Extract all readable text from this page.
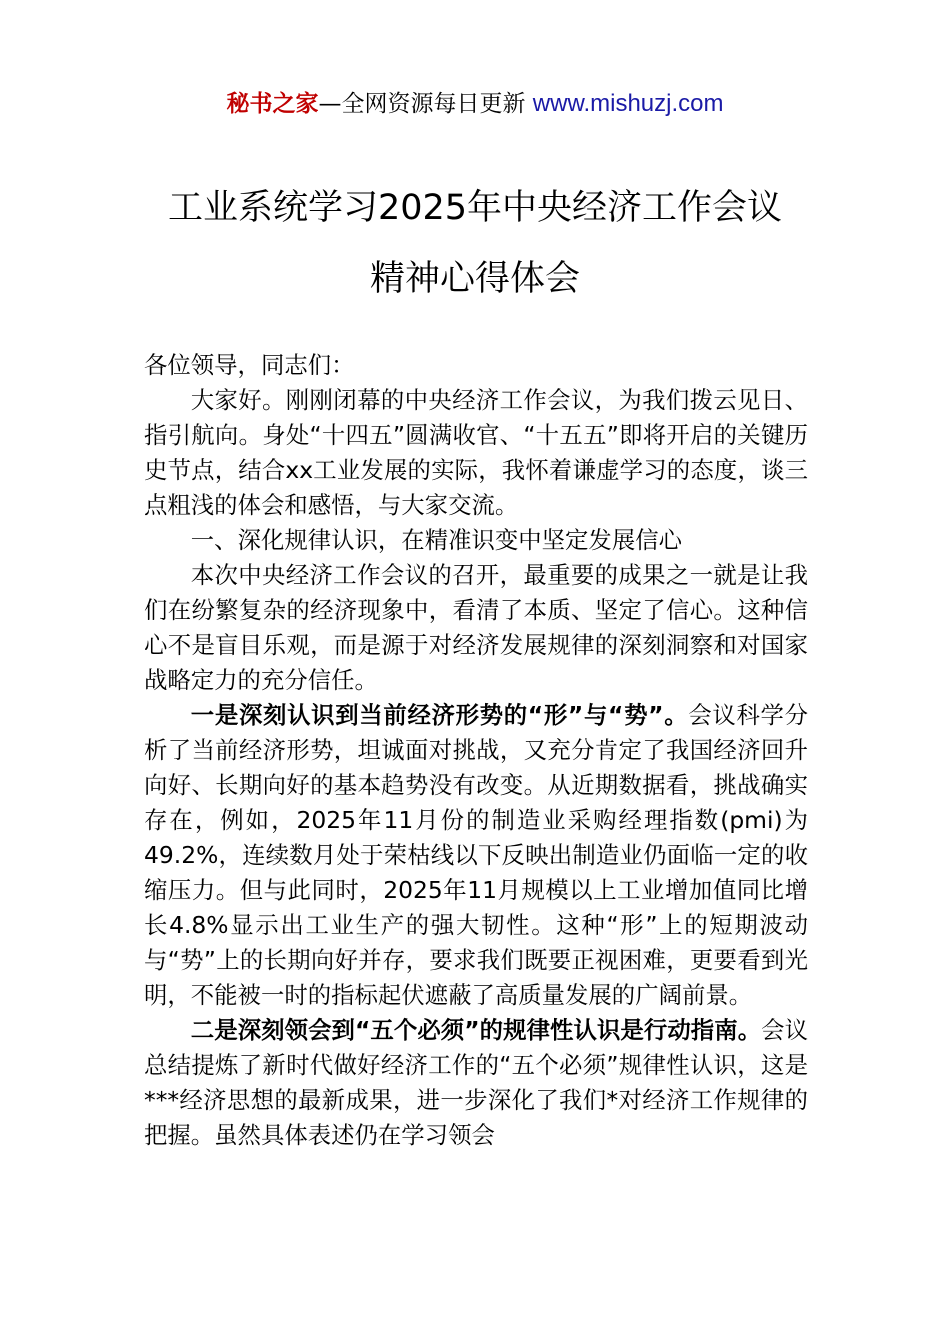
秘书之家—全网资源每日更新 www.mishuzj.com
工业系统学习2025年中央经济工作会议
精神心得体会

各位领导，同志们：

大家好。刚刚闭幕的中央经济工作会议，为我们拨云见日、指引航向。身处“十四五”圆满收官、“十五五”即将开启的关键历史节点，结合xx工业发展的实际，我怀着谦虚学习的态度，谈三点粗浅的体会和感悟，与大家交流。

一、深化规律认识，在精准识变中坚定发展信心

本次中央经济工作会议的召开，最重要的成果之一就是让我们在纷繁复杂的经济现象中，看清了本质、坚定了信心。这种信心不是盲目乐观，而是源于对经济发展规律的深刻洞察和对国家战略定力的充分信任。

一是深刻认识到当前经济形势的“形”与“势”。会议科学分析了当前经济形势，坦诚面对挑战，又充分肯定了我国经济回升向好、长期向好的基本趋势没有改变。从近期数据看，挑战确实存在，例如，2025年11月份的制造业采购经理指数(pmi)为49.2%，连续数月处于荣枯线以下反映出制造业仍面临一定的收缩压力。但与此同时，2025年11月规模以上工业增加值同比增长4.8%显示出工业生产的强大韧性。这种“形”上的短期波动与“势”上的长期向好并存，要求我们既要正视困难，更要看到光明，不能被一时的指标起伏遮蔽了高质量发展的广阔前景。

二是深刻领会到“五个必须”的规律性认识是行动指南。会议总结提炼了新时代做好经济工作的“五个必须”规律性认识，这是***经济思想的最新成果，进一步深化了我们*对经济工作规律的把握。虽然具体表述仍在学习领会
